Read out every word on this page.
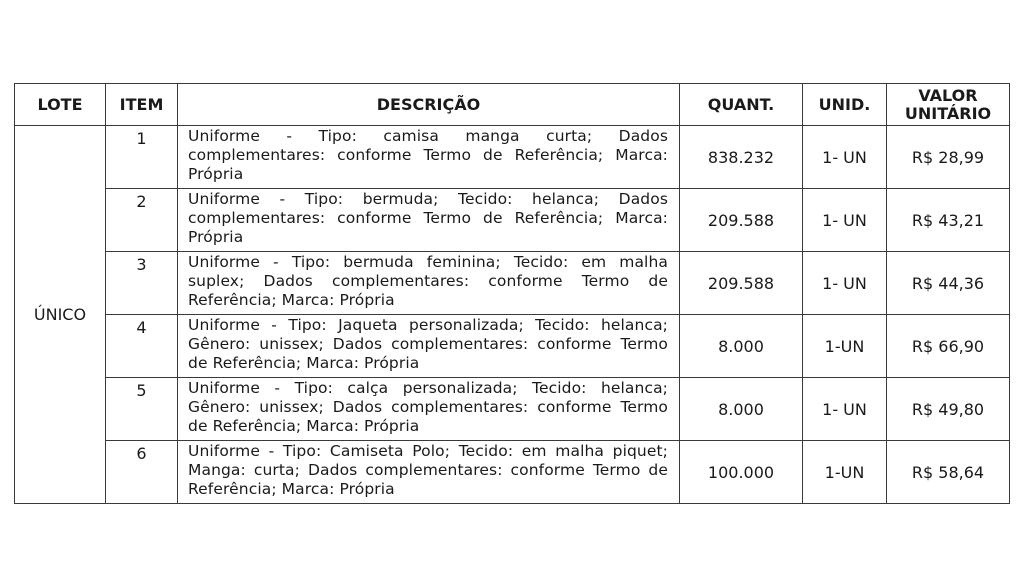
LOTE	ITEM	DESCRIÇÃO	QUANT.	UNID.	VALOR
UNITÁRIO
ÚNICO	1	Uniforme - Tipo: camisa manga curta; Dados complementares: conforme Termo de Referência; Marca: Própria	838.232	1- UN	R$ 28,99
	2	Uniforme - Tipo: bermuda; Tecido: helanca; Dados complementares: conforme Termo de Referência; Marca: Própria	209.588	1- UN	R$ 43,21
	3	Uniforme - Tipo: bermuda feminina; Tecido: em malha suplex; Dados complementares: conforme Termo de Referência; Marca: Própria	209.588	1- UN	R$ 44,36
	4	Uniforme - Tipo: Jaqueta personalizada; Tecido: helanca; Gênero: unissex; Dados complementares: conforme Termo de Referência; Marca: Própria	8.000	1-UN	R$ 66,90
	5	Uniforme - Tipo: calça personalizada; Tecido: helanca; Gênero: unissex; Dados complementares: conforme Termo de Referência; Marca: Própria	8.000	1- UN	R$ 49,80
	6	Uniforme - Tipo: Camiseta Polo; Tecido: em malha piquet; Manga: curta; Dados complementares: conforme Termo de Referência; Marca: Própria	100.000	1-UN	R$ 58,64
